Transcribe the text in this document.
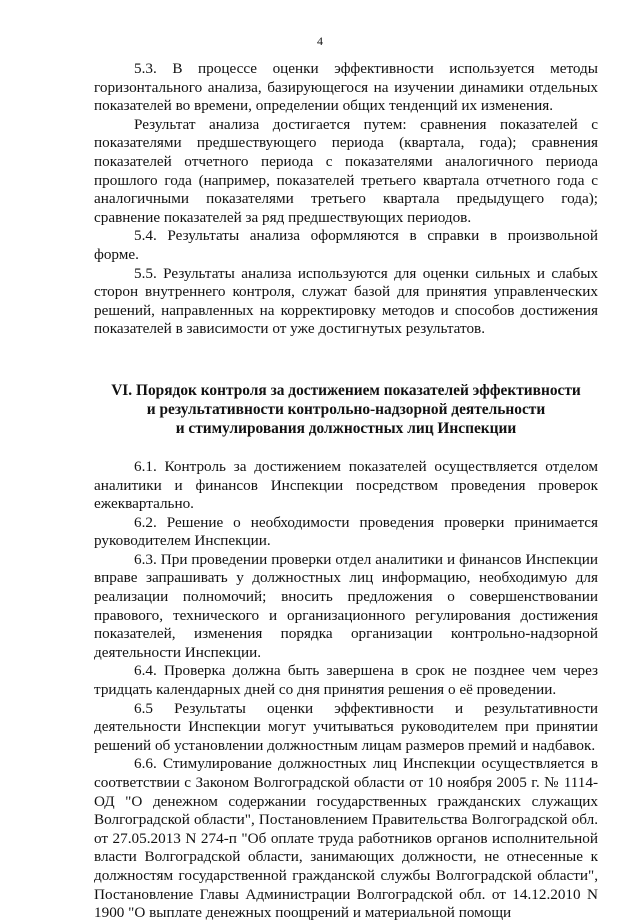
4

5.3. В процессе оценки эффективности используется методы горизонтального анализа, базирующегося на изучении динамики отдельных показателей во времени, определении общих тенденций их изменения.

Результат анализа достигается путем: сравнения показателей с показателями предшествующего периода (квартала, года); сравнения показателей отчетного периода с показателями аналогичного периода прошлого года (например, показателей третьего квартала отчетного года с аналогичными показателями третьего квартала предыдущего года); сравнение показателей за ряд предшествующих периодов.

5.4. Результаты анализа оформляются в справки в произвольной форме.

5.5. Результаты анализа используются для оценки сильных и слабых сторон внутреннего контроля, служат базой для принятия управленческих решений, направленных на корректировку методов и способов достижения показателей в зависимости от уже достигнутых результатов.

VI. Порядок контроля за достижением показателей эффективности
и результативности контрольно-надзорной деятельности
и стимулирования должностных лиц Инспекции

6.1. Контроль за достижением показателей осуществляется отделом аналитики и финансов Инспекции посредством проведения проверок ежеквартально.

6.2. Решение о необходимости проведения проверки принимается руководителем Инспекции.

6.3. При проведении проверки отдел аналитики и финансов Инспекции вправе запрашивать у должностных лиц информацию, необходимую для реализации полномочий; вносить предложения о совершенствовании правового, технического и организационного регулирования достижения показателей, изменения порядка организации контрольно-надзорной деятельности Инспекции.

6.4. Проверка должна быть завершена в срок не позднее чем через тридцать календарных дней со дня принятия решения о её проведении.

6.5 Результаты оценки эффективности и результативности деятельности Инспекции могут учитываться руководителем при принятии решений об установлении должностным лицам размеров премий и надбавок.

6.6. Стимулирование должностных лиц Инспекции осуществляется в соответствии с Законом Волгоградской области от 10 ноября 2005 г. № 1114-ОД "О денежном содержании государственных гражданских служащих Волгоградской области", Постановлением Правительства Волгоградской обл. от 27.05.2013 N 274-п "Об оплате труда работников органов исполнительной власти Волгоградской области, занимающих должности, не отнесенные к должностям государственной гражданской службы Волгоградской области", Постановление Главы Администрации Волгоградской обл. от 14.12.2010 N 1900 "О выплате денежных поощрений и материальной помощи
